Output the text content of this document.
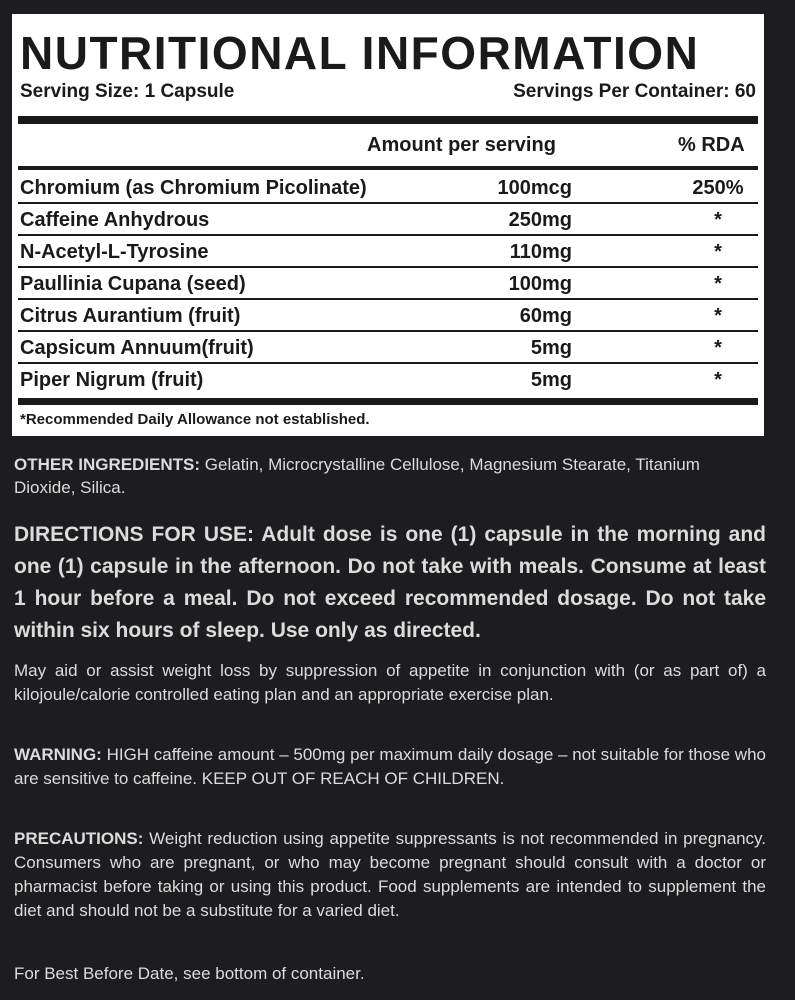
NUTRITIONAL INFORMATION
Serving Size: 1 Capsule	Servings Per Container: 60
Amount per serving	% RDA
Chromium (as Chromium Picolinate)	100mcg	250%
Caffeine Anhydrous	250mg	*
N-Acetyl-L-Tyrosine	110mg	*
Paullinia Cupana (seed)	100mg	*
Citrus Aurantium (fruit)	60mg	*
Capsicum Annuum(fruit)	5mg	*
Piper Nigrum (fruit)	5mg	*
*Recommended Daily Allowance not established.

OTHER INGREDIENTS: Gelatin, Microcrystalline Cellulose, Magnesium Stearate, Titanium Dioxide, Silica.

DIRECTIONS FOR USE: Adult dose is one (1) capsule in the morning and one (1) capsule in the afternoon. Do not take with meals. Consume at least 1 hour before a meal. Do not exceed recommended dosage. Do not take within six hours of sleep. Use only as directed.

May aid or assist weight loss by suppression of appetite in conjunction with (or as part of) a kilojoule/calorie controlled eating plan and an appropriate exercise plan.

WARNING: HIGH caffeine amount – 500mg per maximum daily dosage – not suitable for those who are sensitive to caffeine. KEEP OUT OF REACH OF CHILDREN.

PRECAUTIONS: Weight reduction using appetite suppressants is not recommended in pregnancy. Consumers who are pregnant, or who may become pregnant should consult with a doctor or pharmacist before taking or using this product. Food supplements are intended to supplement the diet and should not be a substitute for a varied diet.

For Best Before Date, see bottom of container.
